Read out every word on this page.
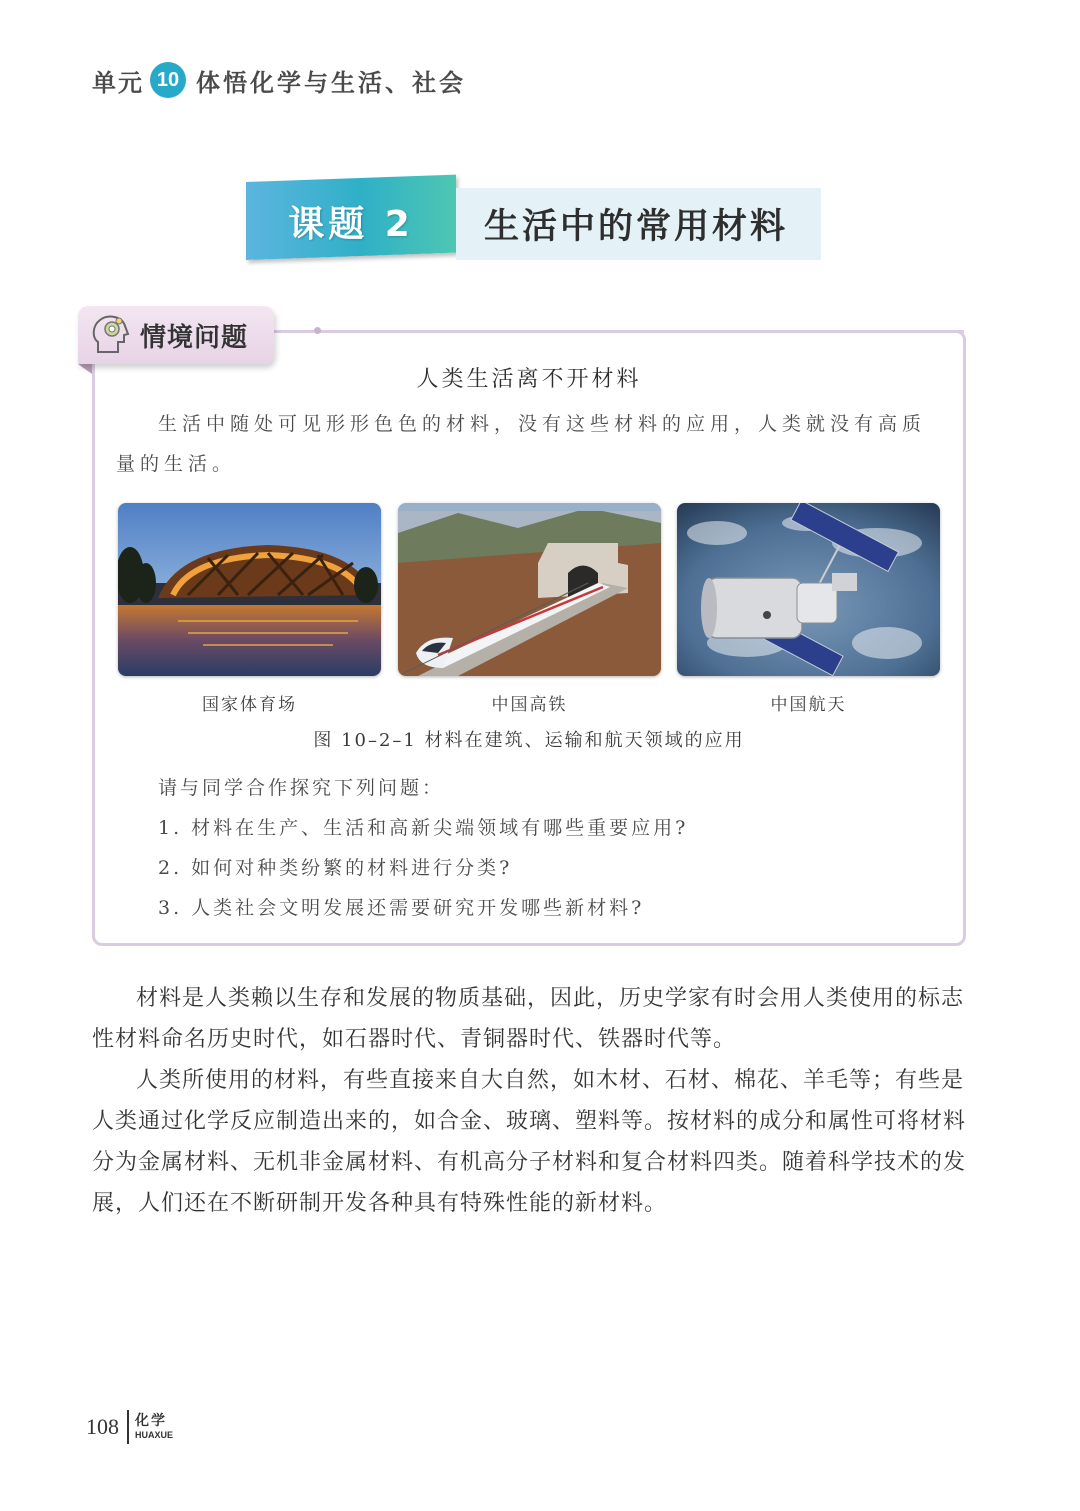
单元 10 体悟化学与生活、社会
课题 2	生活中的常用材料
情境问题
人类生活离不开材料
生活中随处可见形形色色的材料，没有这些材料的应用，人类就没有高质量的生活。
国家体育场	中国高铁	中国航天
图 10–2–1 材料在建筑、运输和航天领域的应用
请与同学合作探究下列问题：
1. 材料在生产、生活和高新尖端领域有哪些重要应用?
2. 如何对种类纷繁的材料进行分类?
3. 人类社会文明发展还需要研究开发哪些新材料?

材料是人类赖以生存和发展的物质基础，因此，历史学家有时会用人类使用的标志性材料命名历史时代，如石器时代、青铜器时代、铁器时代等。

人类所使用的材料，有些直接来自大自然，如木材、石材、棉花、羊毛等；有些是人类通过化学反应制造出来的，如合金、玻璃、塑料等。按材料的成分和属性可将材料分为金属材料、无机非金属材料、有机高分子材料和复合材料四类。随着科学技术的发展，人们还在不断研制开发各种具有特殊性能的新材料。

108 化学
HUAXUE
